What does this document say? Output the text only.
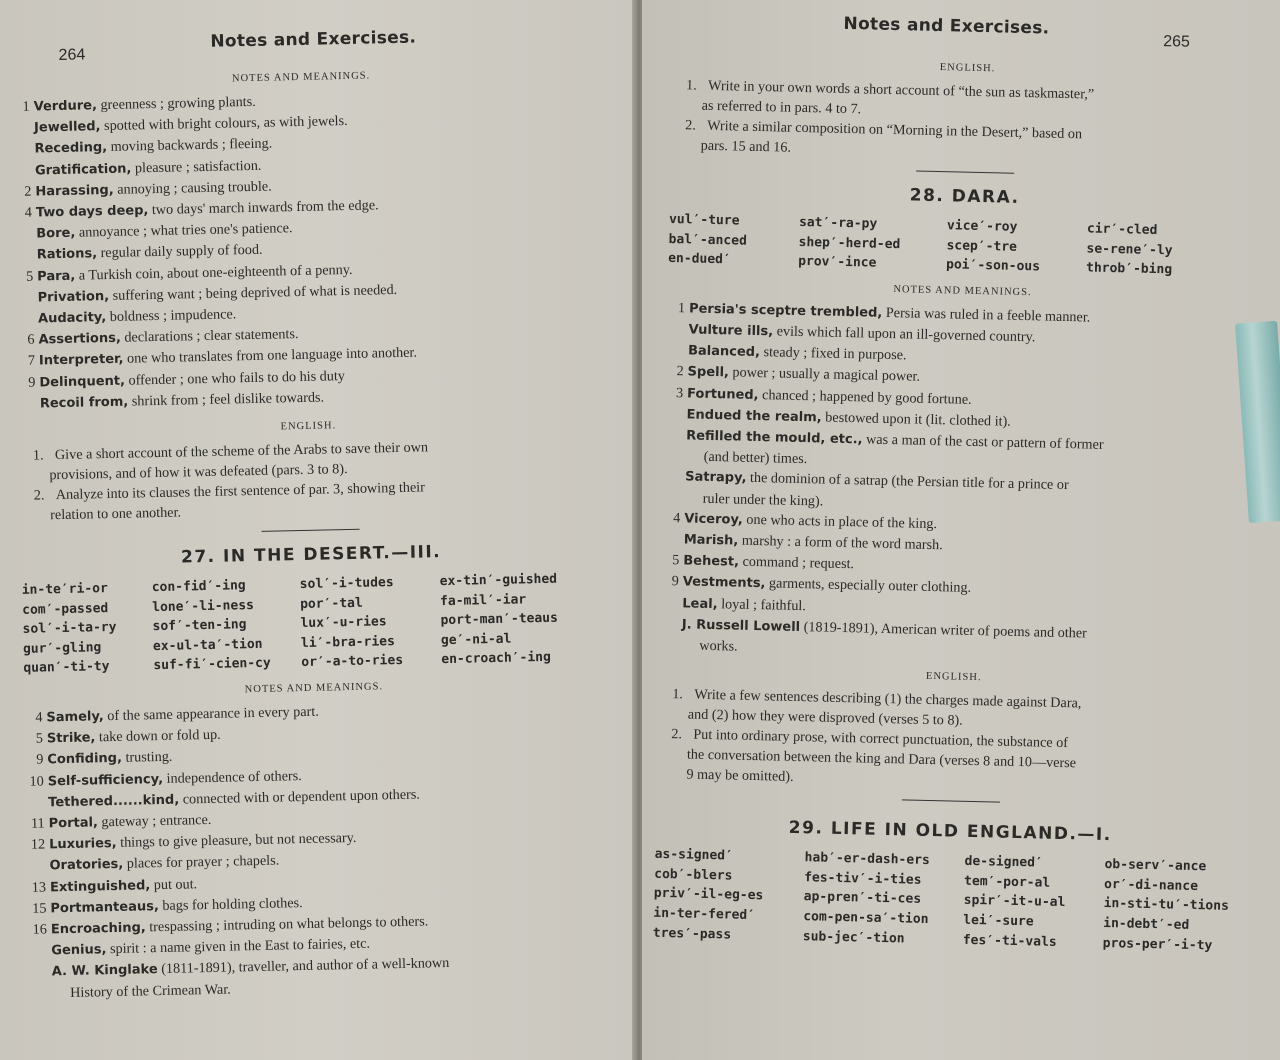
264
Notes and Exercises.
NOTES AND MEANINGS.
1 Verdure, greenness ; growing plants.
Jewelled, spotted with bright colours, as with jewels.
Receding, moving backwards ; fleeing.
Gratification, pleasure ; satisfaction.
2 Harassing, annoying ; causing trouble.
4 Two days deep, two days' march inwards from the edge.
Bore, annoyance ; what tries one's patience.
Rations, regular daily supply of food.
5 Para, a Turkish coin, about one-eighteenth of a penny.
Privation, suffering want ; being deprived of what is needed.
Audacity, boldness ; impudence.
6 Assertions, declarations ; clear statements.
7 Interpreter, one who translates from one language into another.
9 Delinquent, offender ; one who fails to do his duty
Recoil from, shrink from ; feel dislike towards.
ENGLISH.
1. Give a short account of the scheme of the Arabs to save their own
provisions, and of how it was defeated (pars. 3 to 8).
2. Analyze into its clauses the first sentence of par. 3, showing their
relation to one another.
27. IN THE DESERT.—III.
in-te′ri-or	con-fid′-ing	sol′-i-tudes	ex-tin′-guished
com′-passed	lone′-li-ness	por′-tal	fa-mil′-iar
sol′-i-ta-ry	sof′-ten-ing	lux′-u-ries	port-man′-teaus
gur′-gling	ex-ul-ta′-tion	li′-bra-ries	ge′-ni-al
quan′-ti-ty	suf-fi′-cien-cy	or′-a-to-ries	en-croach′-ing
NOTES AND MEANINGS.
4 Samely, of the same appearance in every part.
5 Strike, take down or fold up.
9 Confiding, trusting.
10 Self-sufficiency, independence of others.
Tethered......kind, connected with or dependent upon others.
11 Portal, gateway ; entrance.
12 Luxuries, things to give pleasure, but not necessary.
Oratories, places for prayer ; chapels.
13 Extinguished, put out.
15 Portmanteaus, bags for holding clothes.
16 Encroaching, trespassing ; intruding on what belongs to others.
Genius, spirit : a name given in the East to fairies, etc.
A. W. Kinglake (1811-1891), traveller, and author of a well-known
History of the Crimean War.
Notes and Exercises.
265
ENGLISH.
1. Write in your own words a short account of “the sun as taskmaster,”
as referred to in pars. 4 to 7.
2. Write a similar composition on “Morning in the Desert,” based on
pars. 15 and 16.
28. DARA.
vul′-ture	sat′-ra-py	vice′-roy	cir′-cled
bal′-anced	shep′-herd-ed	scep′-tre	se-rene′-ly
en-dued′	prov′-ince	poi′-son-ous	throb′-bing
NOTES AND MEANINGS.
1 Persia's sceptre trembled, Persia was ruled in a feeble manner.
Vulture ills, evils which fall upon an ill-governed country.
Balanced, steady ; fixed in purpose.
2 Spell, power ; usually a magical power.
3 Fortuned, chanced ; happened by good fortune.
Endued the realm, bestowed upon it (lit. clothed it).
Refilled the mould, etc., was a man of the cast or pattern of former
(and better) times.
Satrapy, the dominion of a satrap (the Persian title for a prince or
ruler under the king).
4 Viceroy, one who acts in place of the king.
Marish, marshy : a form of the word marsh.
5 Behest, command ; request.
9 Vestments, garments, especially outer clothing.
Leal, loyal ; faithful.
J. Russell Lowell (1819-1891), American writer of poems and other
works.
ENGLISH.
1. Write a few sentences describing (1) the charges made against Dara,
and (2) how they were disproved (verses 5 to 8).
2. Put into ordinary prose, with correct punctuation, the substance of
the conversation between the king and Dara (verses 8 and 10—verse
9 may be omitted).
29. LIFE IN OLD ENGLAND.—I.
as-signed′	hab′-er-dash-ers	de-signed′	ob-serv′-ance
cob′-blers	fes-tiv′-i-ties	tem′-por-al	or′-di-nance
priv′-il-eg-es	ap-pren′-ti-ces	spir′-it-u-al	in-sti-tu′-tions
in-ter-fered′	com-pen-sa′-tion	lei′-sure	in-debt′-ed
tres′-pass	sub-jec′-tion	fes′-ti-vals	pros-per′-i-ty
